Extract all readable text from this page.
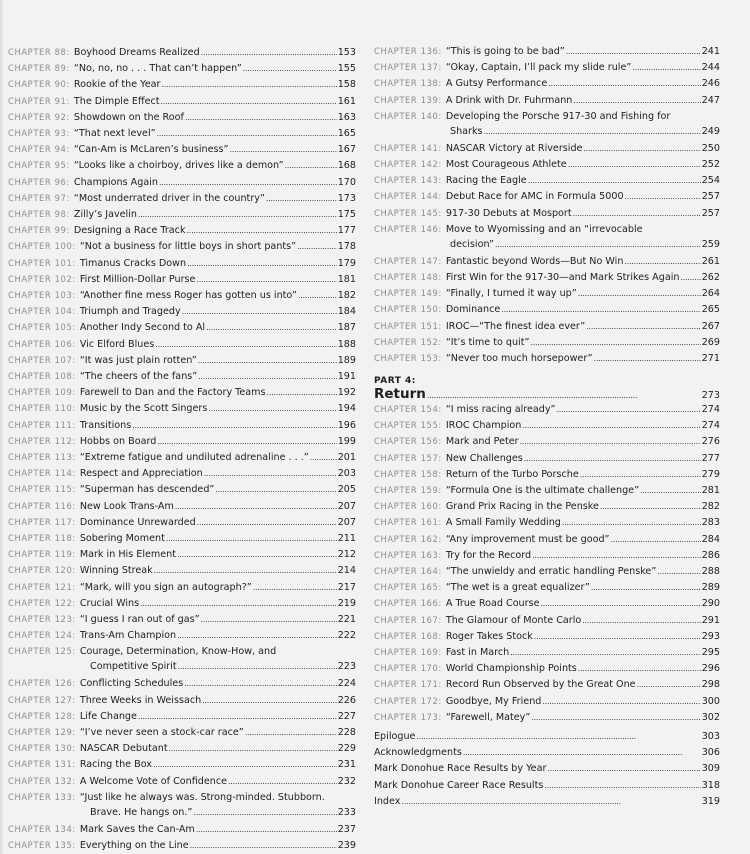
CHAPTER 88: Boyhood Dreams Realized . . .	153
CHAPTER 89: “No, no, no . . . That can’t happen” . . .	155
CHAPTER 90: Rookie of the Year . . .	158
CHAPTER 91: The Dimple Effect . . .	161
CHAPTER 92: Showdown on the Roof . . .	163
CHAPTER 93: “That next level” . . .	165
CHAPTER 94: “Can-Am is McLaren’s business” . . .	167
CHAPTER 95: “Looks like a choirboy, drives like a demon” . . .	168
CHAPTER 96: Champions Again . . .	170
CHAPTER 97: “Most underrated driver in the country” . . .	173
CHAPTER 98: Zilly’s Javelin . . .	175
CHAPTER 99: Designing a Race Track . . .	177
CHAPTER 100: “Not a business for little boys in short pants” . . .	178
CHAPTER 101: Timanus Cracks Down . . .	179
CHAPTER 102: First Million-Dollar Purse . . .	181
CHAPTER 103: “Another fine mess Roger has gotten us into” . . .	182
CHAPTER 104: Triumph and Tragedy . . .	184
CHAPTER 105: Another Indy Second to Al . . .	187
CHAPTER 106: Vic Elford Blues . . .	188
CHAPTER 107: “It was just plain rotten” . . .	189
CHAPTER 108: “The cheers of the fans” . . .	191
CHAPTER 109: Farewell to Dan and the Factory Teams . . .	192
CHAPTER 110: Music by the Scott Singers . . .	194
CHAPTER 111: Transitions . . .	196
CHAPTER 112: Hobbs on Board . . .	199
CHAPTER 113: “Extreme fatigue and undiluted adrenaline . . .” . . .	201
CHAPTER 114: Respect and Appreciation . . .	203
CHAPTER 115: “Superman has descended” . . .	205
CHAPTER 116: New Look Trans-Am . . .	207
CHAPTER 117: Dominance Unrewarded . . .	207
CHAPTER 118: Sobering Moment . . .	211
CHAPTER 119: Mark in His Element . . .	212
CHAPTER 120: Winning Streak . . .	214
CHAPTER 121: “Mark, will you sign an autograph?” . . .	217
CHAPTER 122: Crucial Wins . . .	219
CHAPTER 123: “I guess I ran out of gas” . . .	221
CHAPTER 124: Trans-Am Champion . . .	222
CHAPTER 125: Courage, Determination, Know-How, and
Competitive Spirit . . .	223
CHAPTER 126: Conflicting Schedules . . .	224
CHAPTER 127: Three Weeks in Weissach . . .	226
CHAPTER 128: Life Change . . .	227
CHAPTER 129: “I’ve never seen a stock-car race” . . .	228
CHAPTER 130: NASCAR Debutant . . .	229
CHAPTER 131: Racing the Box . . .	231
CHAPTER 132: A Welcome Vote of Confidence . . .	232
CHAPTER 133: “Just like he always was. Strong-minded. Stubborn.
Brave. He hangs on.” . . .	233
CHAPTER 134: Mark Saves the Can-Am . . .	237
CHAPTER 135: Everything on the Line . . .	239
PART 4:
Return . . .	273
CHAPTER 136: “This is going to be bad” . . .	241
CHAPTER 137: “Okay, Captain, I’ll pack my slide rule” . . .	244
CHAPTER 138: A Gutsy Performance . . .	246
CHAPTER 139: A Drink with Dr. Fuhrmann . . .	247
CHAPTER 140: Developing the Porsche 917-30 and Fishing for
Sharks . . .	249
CHAPTER 141: NASCAR Victory at Riverside . . .	250
CHAPTER 142: Most Courageous Athlete . . .	252
CHAPTER 143: Racing the Eagle . . .	254
CHAPTER 144: Debut Race for AMC in Formula 5000 . . .	257
CHAPTER 145: 917-30 Debuts at Mosport . . .	257
CHAPTER 146: Move to Wyomissing and an “irrevocable
decision” . . .	259
CHAPTER 147: Fantastic beyond Words—But No Win . . .	261
CHAPTER 148: First Win for the 917-30—and Mark Strikes Again . . . 262
CHAPTER 149: “Finally, I turned it way up” . . .	264
CHAPTER 150: Dominance . . .	265
CHAPTER 151: IROC—“The finest idea ever” . . .	267
CHAPTER 152: “It’s time to quit” . . .	269
CHAPTER 153: “Never too much horsepower” . . .	271
CHAPTER 154: “I miss racing already” . . .	274
CHAPTER 155: IROC Champion . . .	274
CHAPTER 156: Mark and Peter . . .	276
CHAPTER 157: New Challenges . . .	277
CHAPTER 158: Return of the Turbo Porsche . . .	279
CHAPTER 159: “Formula One is the ultimate challenge” . . .	281
CHAPTER 160: Grand Prix Racing in the Penske . . .	282
CHAPTER 161: A Small Family Wedding . . .	283
CHAPTER 162: “Any improvement must be good” . . .	284
CHAPTER 163: Try for the Record . . .	286
CHAPTER 164: “The unwieldy and erratic handling Penske” . . .	288
CHAPTER 165: “The wet is a great equalizer” . . .	289
CHAPTER 166: A True Road Course . . .	290
CHAPTER 167: The Glamour of Monte Carlo . . .	291
CHAPTER 168: Roger Takes Stock . . .	293
CHAPTER 169: Fast in March . . .	295
CHAPTER 170: World Championship Points . . .	296
CHAPTER 171: Record Run Observed by the Great One . . .	298
CHAPTER 172: Goodbye, My Friend . . .	300
CHAPTER 173: “Farewell, Matey” . . .	302
Epilogue . . .	303
Acknowledgments . . .	306
Mark Donohue Race Results by Year . . .	309
Mark Donohue Career Race Results . . .	318
Index . . .	319
